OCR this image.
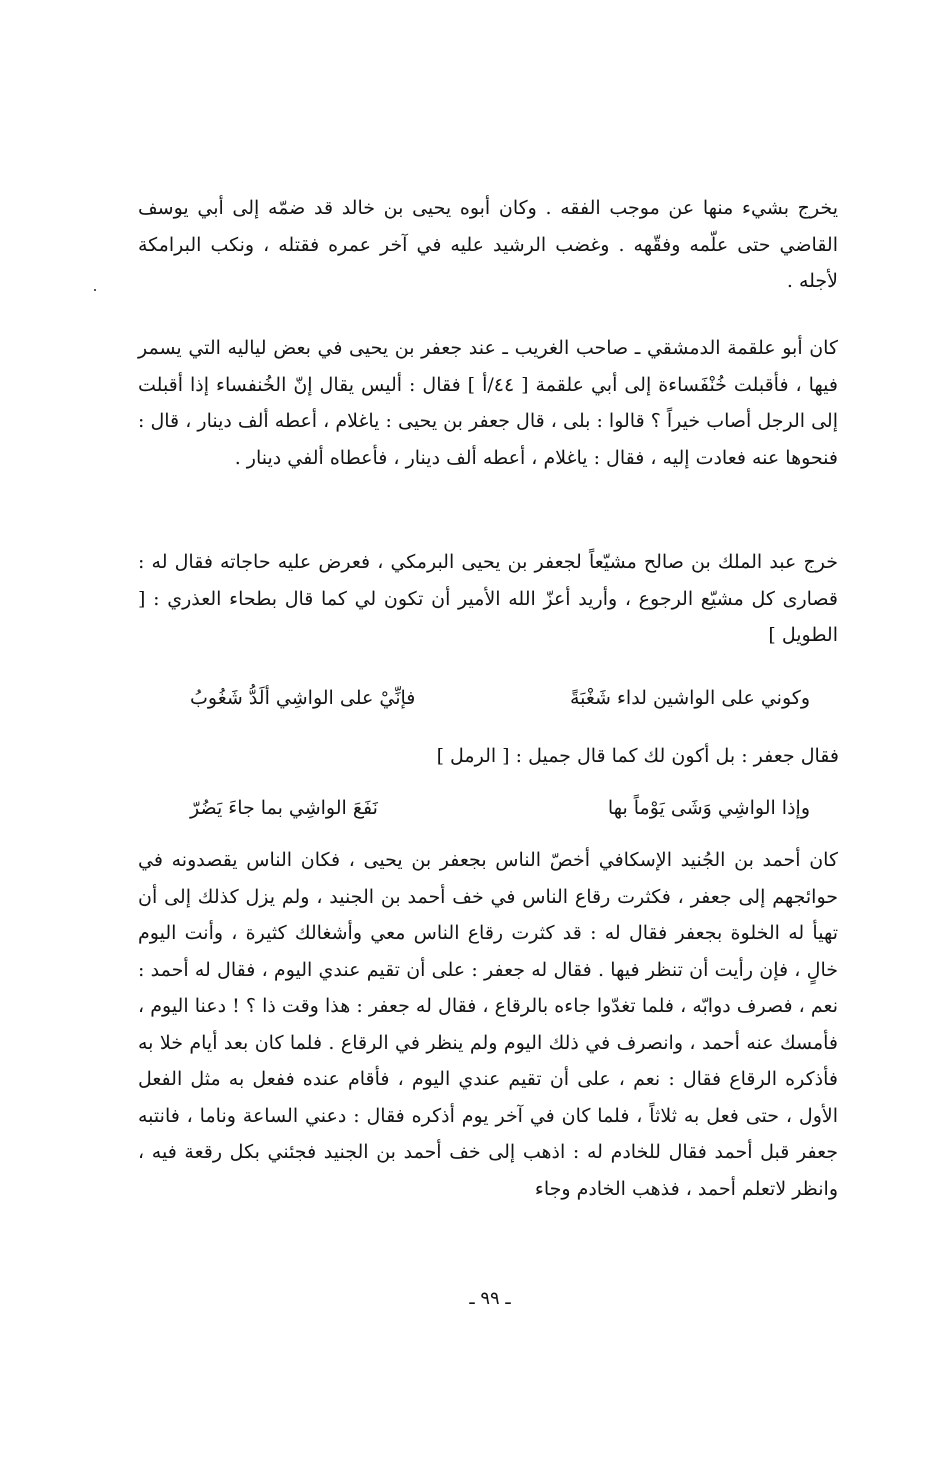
يخرج بشيء منها عن موجب الفقه . وكان أبوه يحيى بن خالد قد ضمّه إلى أبي يوسف القاضي حتى علّمه وفقّهه . وغضب الرشيد عليه في آخر عمره فقتله ، ونكب البرامكة لأجله .

كان أبو علقمة الدمشقي ـ صاحب الغريب ـ عند جعفر بن يحيى في بعض لياليه التي يسمر فيها ، فأقبلت خُنْفَساءة إلى أبي علقمة [ ٤٤/أ ] فقال : أليس يقال إنّ الخُنفساء إذا أقبلت إلى الرجل أصاب خيراً ؟ قالوا : بلى ، قال جعفر بن يحيى : ياغلام ، أعطه ألف دينار ، قال : فنحوها عنه فعادت إليه ، فقال : ياغلام ، أعطه ألف دينار ، فأعطاه ألفي دينار .

خرج عبد الملك بن صالح مشيّعاً لجعفر بن يحيى البرمكي ، فعرض عليه حاجاته فقال له : قصارى كل مشيّع الرجوع ، وأريد أعزّ الله الأمير أن تكون لي كما قال بطحاء العذري : [ الطويل ]

وكوني على الواشين لداء شَغْبَةً
فإنِّيْ على الواشِي ألَدُّ شَغُوبُ
فقال جعفر : بل أكون لك كما قال جميل : [ الرمل ]
وإذا الواشِي وَشَى يَوْماً بها
نَفَعَ الواشِي بما جاءَ يَضُرّ

كان أحمد بن الجُنيد الإسكافي أخصّ الناس بجعفر بن يحيى ، فكان الناس يقصدونه في حوائجهم إلى جعفر ، فكثرت رقاع الناس في خف أحمد بن الجنيد ، ولم يزل كذلك إلى أن تهيأ له الخلوة بجعفر فقال له : قد كثرت رقاع الناس معي وأشغالك كثيرة ، وأنت اليوم خالٍ ، فإن رأيت أن تنظر فيها . فقال له جعفر : على أن تقيم عندي اليوم ، فقال له أحمد : نعم ، فصرف دوابّه ، فلما تغدّوا جاءه بالرقاع ، فقال له جعفر : هذا وقت ذا ؟ ! دعنا اليوم ، فأمسك عنه أحمد ، وانصرف في ذلك اليوم ولم ينظر في الرقاع . فلما كان بعد أيام خلا به فأذكره الرقاع فقال : نعم ، على أن تقيم عندي اليوم ، فأقام عنده ففعل به مثل الفعل الأول ، حتى فعل به ثلاثاً ، فلما كان في آخر يوم أذكره فقال : دعني الساعة وناما ، فانتبه جعفر قبل أحمد فقال للخادم له : اذهب إلى خف أحمد بن الجنيد فجئني بكل رقعة فيه ، وانظر لاتعلم أحمد ، فذهب الخادم وجاء

ـ ٩٩ ـ
